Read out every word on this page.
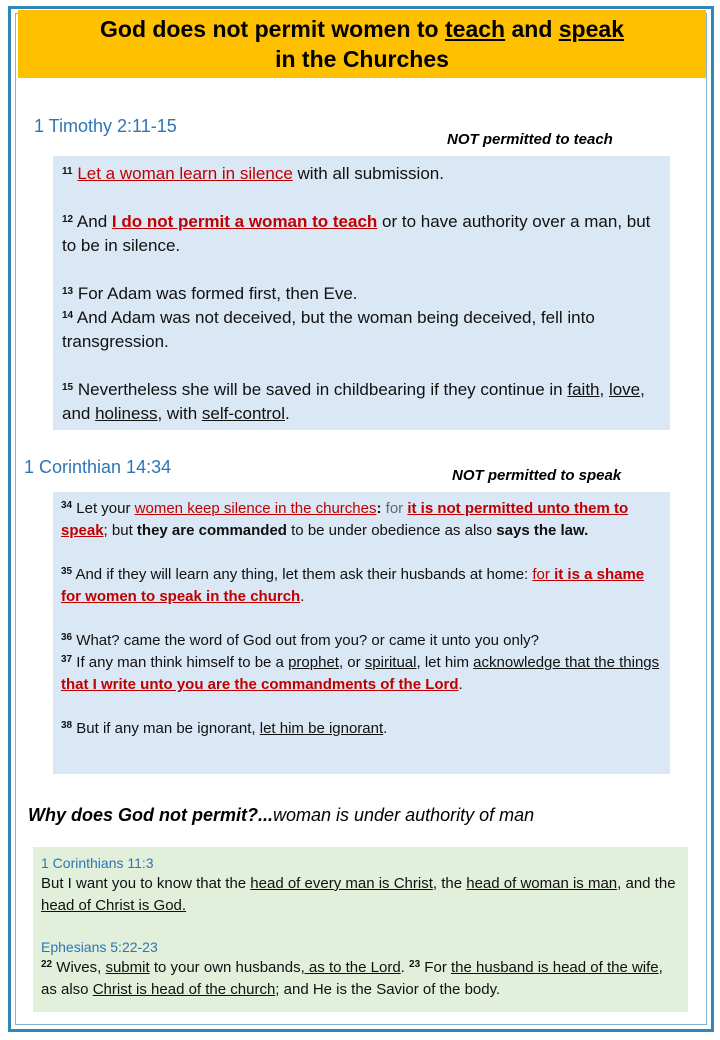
God does not permit women to teach and speak
in the Churches
1 Timothy 2:11-15
NOT permitted to teach
$^{11}$ Let a woman learn in silence with all submission.
$^{12}$ And I do not permit a woman to teach or to have authority over a man, but to be in silence.
$^{13}$ For Adam was formed first, then Eve.
$^{14}$ And Adam was not deceived, but the woman being deceived, fell into transgression.
$^{15}$ Nevertheless she will be saved in childbearing if they continue in faith, love, and holiness, with self-control.
1 Corinthian 14:34	NOT permitted to speak
$^{34}$ Let your women keep silence in the churches: for it is not permitted unto them to speak; but they are commanded to be under obedience as also says the law.
$^{35}$ And if they will learn any thing, let them ask their husbands at home: for it is a shame for women to speak in the church.
$^{36}$ What? came the word of God out from you? or came it unto you only?
$^{37}$ If any man think himself to be a prophet, or spiritual, let him acknowledge that the things that I write unto you are the commandments of the Lord.
$^{38}$ But if any man be ignorant, let him be ignorant.
Why does God not permit?...woman is under authority of man
1 Corinthians 11:3
But I want you to know that the head of every man is Christ, the head of woman is man, and the head of Christ is God.
Ephesians 5:22-23
$^{22}$ Wives, submit to your own husbands, as to the Lord. $^{23}$ For the husband is head of the wife, as also Christ is head of the church; and He is the Savior of the body.
